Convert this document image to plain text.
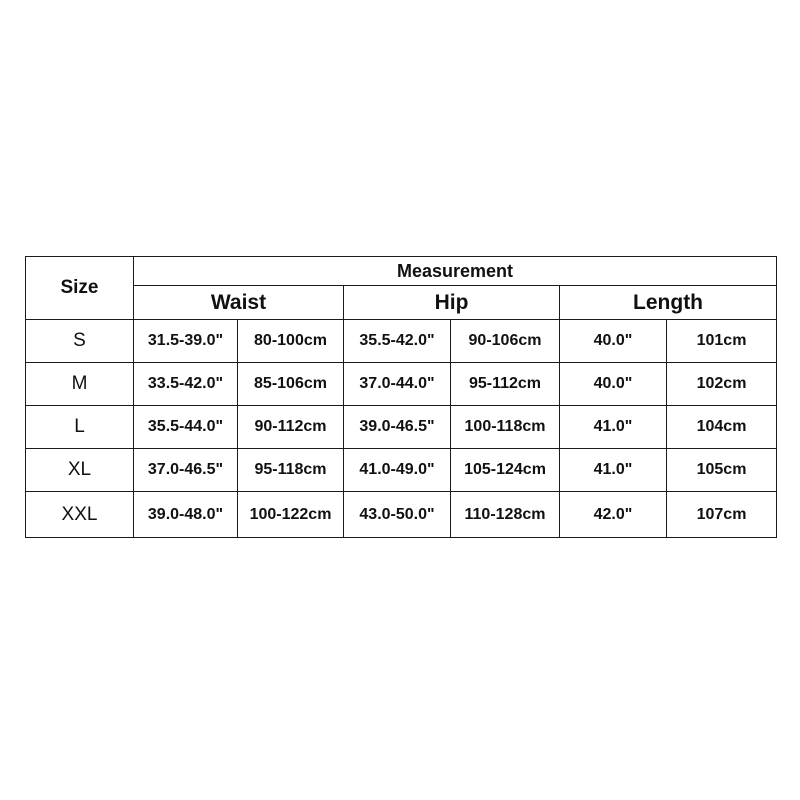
Size	Measurement					
	Waist		Hip		Length	
S	31.5-39.0"	80-100cm	35.5-42.0"	90-106cm	40.0"	101cm
M	33.5-42.0"	85-106cm	37.0-44.0"	95-112cm	40.0"	102cm
L	35.5-44.0"	90-112cm	39.0-46.5"	100-118cm	41.0"	104cm
XL	37.0-46.5"	95-118cm	41.0-49.0"	105-124cm	41.0"	105cm
XXL	39.0-48.0"	100-122cm	43.0-50.0"	110-128cm	42.0"	107cm
